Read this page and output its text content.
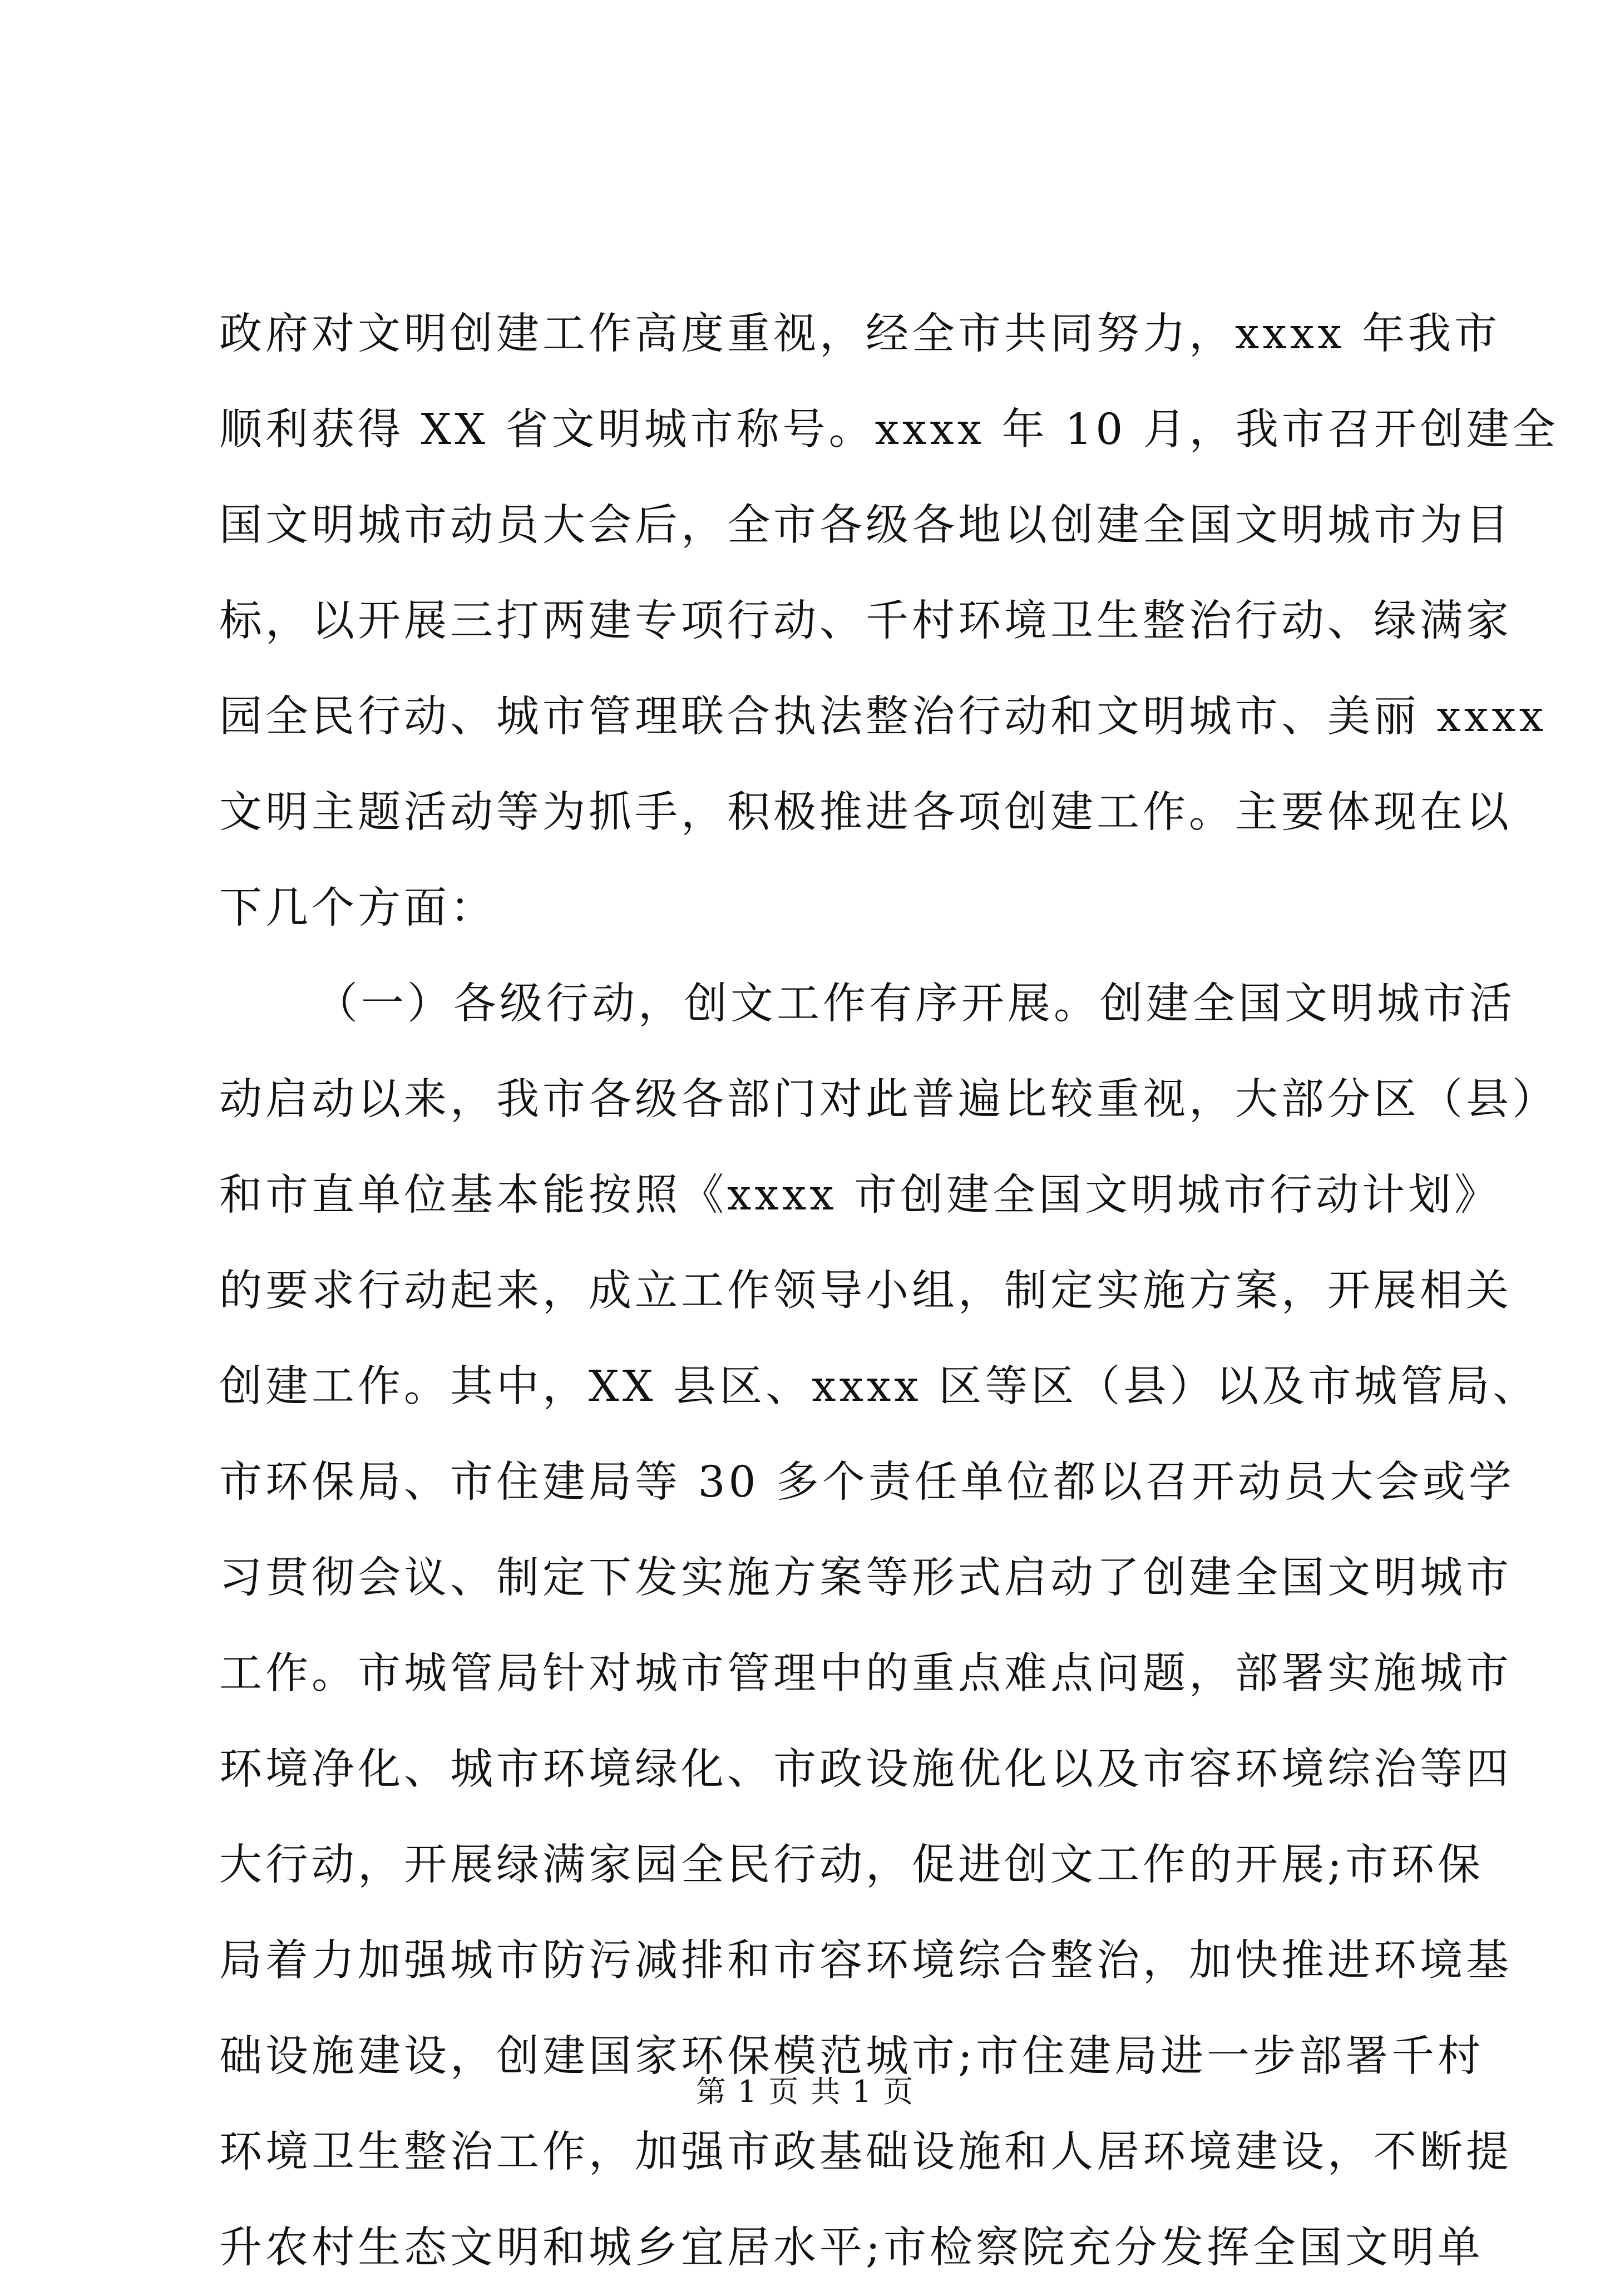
政府对文明创建工作高度重视，经全市共同努力，xxxx 年我市
顺利获得 XX 省文明城市称号。xxxx 年 10 月，我市召开创建全
国文明城市动员大会后，全市各级各地以创建全国文明城市为目
标，以开展三打两建专项行动、千村环境卫生整治行动、绿满家
园全民行动、城市管理联合执法整治行动和文明城市、美丽 xxxx
文明主题活动等为抓手，积极推进各项创建工作。主要体现在以
下几个方面：
（一）各级行动，创文工作有序开展。创建全国文明城市活
动启动以来，我市各级各部门对此普遍比较重视，大部分区（县）
和市直单位基本能按照《xxxx 市创建全国文明城市行动计划》
的要求行动起来，成立工作领导小组，制定实施方案，开展相关
创建工作。其中，XX 县区、xxxx 区等区（县）以及市城管局、
市环保局、市住建局等 30 多个责任单位都以召开动员大会或学
习贯彻会议、制定下发实施方案等形式启动了创建全国文明城市
工作。市城管局针对城市管理中的重点难点问题，部署实施城市
环境净化、城市环境绿化、市政设施优化以及市容环境综治等四
大行动，开展绿满家园全民行动，促进创文工作的开展;市环保
局着力加强城市防污减排和市容环境综合整治，加快推进环境基
础设施建设，创建国家环保模范城市;市住建局进一步部署千村
环境卫生整治工作，加强市政基础设施和人居环境建设，不断提
升农村生态文明和城乡宜居水平;市检察院充分发挥全国文明单
第 1 页 共 1 页
